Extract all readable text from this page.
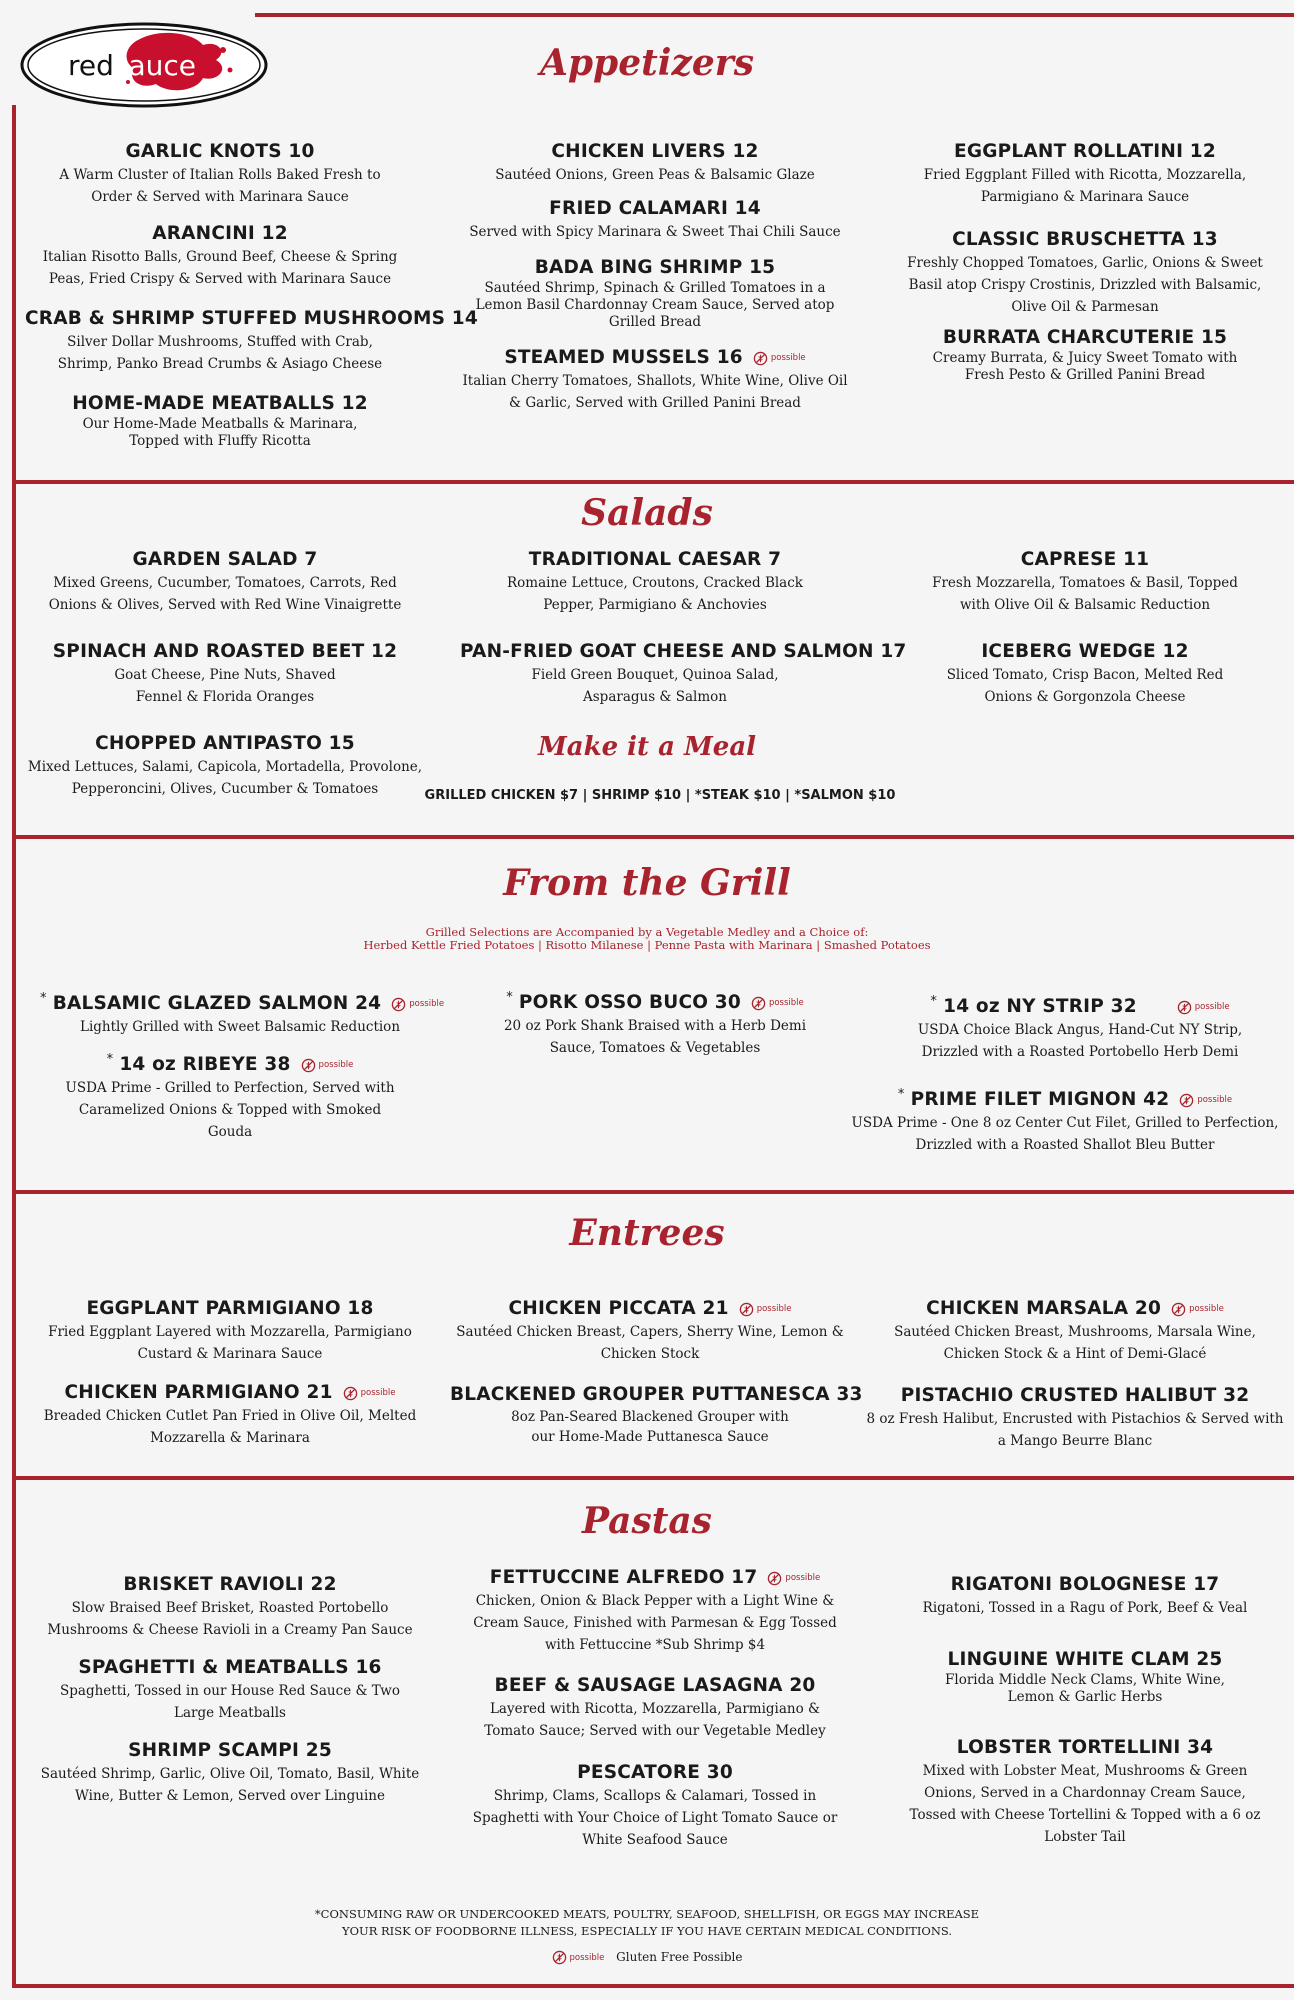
redsauce	Appetizers
GARLIC KNOTS 10
A Warm Cluster of Italian Rolls Baked Fresh to Order & Served with Marinara Sauce
ARANCINI 12
Italian Risotto Balls, Ground Beef, Cheese & Spring Peas, Fried Crispy & Served with Marinara Sauce
CRAB & SHRIMP STUFFED MUSHROOMS 14
Silver Dollar Mushrooms, Stuffed with Crab, Shrimp, Panko Bread Crumbs & Asiago Cheese
HOME-MADE MEATBALLS 12
Our Home-Made Meatballs & Marinara, Topped with Fluffy Ricotta
CHICKEN LIVERS 12
Sautéed Onions, Green Peas & Balsamic Glaze
FRIED CALAMARI 14
Served with Spicy Marinara & Sweet Thai Chili Sauce
BADA BING SHRIMP 15
Sautéed Shrimp, Spinach & Grilled Tomatoes in a Lemon Basil Chardonnay Cream Sauce, Served atop Grilled Bread
STEAMED MUSSELS 16	possible
Italian Cherry Tomatoes, Shallots, White Wine, Olive Oil & Garlic, Served with Grilled Panini Bread
EGGPLANT ROLLATINI 12
Fried Eggplant Filled with Ricotta, Mozzarella, Parmigiano & Marinara Sauce
CLASSIC BRUSCHETTA 13
Freshly Chopped Tomatoes, Garlic, Onions & Sweet Basil atop Crispy Crostinis, Drizzled with Balsamic, Olive Oil & Parmesan
BURRATA CHARCUTERIE 15
Creamy Burrata, & Juicy Sweet Tomato with Fresh Pesto & Grilled Panini Bread
Salads
GARDEN SALAD 7
Mixed Greens, Cucumber, Tomatoes, Carrots, Red Onions & Olives, Served with Red Wine Vinaigrette
SPINACH AND ROASTED BEET 12
Goat Cheese, Pine Nuts, Shaved Fennel & Florida Oranges
CHOPPED ANTIPASTO 15
Mixed Lettuces, Salami, Capicola, Mortadella, Provolone, Pepperoncini, Olives, Cucumber & Tomatoes
TRADITIONAL CAESAR 7
Romaine Lettuce, Croutons, Cracked Black Pepper, Parmigiano & Anchovies
PAN-FRIED GOAT CHEESE AND SALMON 17
Field Green Bouquet, Quinoa Salad, Asparagus & Salmon
Make it a Meal
GRILLED CHICKEN $7 | SHRIMP $10 | *STEAK $10 | *SALMON $10
CAPRESE 11
Fresh Mozzarella, Tomatoes & Basil, Topped with Olive Oil & Balsamic Reduction
ICEBERG WEDGE 12
Sliced Tomato, Crisp Bacon, Melted Red Onions & Gorgonzola Cheese
From the Grill
Grilled Selections are Accompanied by a Vegetable Medley and a Choice of:
Herbed Kettle Fried Potatoes | Risotto Milanese | Penne Pasta with Marinara | Smashed Potatoes
* BALSAMIC GLAZED SALMON 24	possible
Lightly Grilled with Sweet Balsamic Reduction
* 14 oz RIBEYE 38	possible
USDA Prime - Grilled to Perfection, Served with Caramelized Onions & Topped with Smoked Gouda
* PORK OSSO BUCO 30	possible
20 oz Pork Shank Braised with a Herb Demi Sauce, Tomatoes & Vegetables
* 14 oz NY STRIP 32	possible
USDA Choice Black Angus, Hand-Cut NY Strip, Drizzled with a Roasted Portobello Herb Demi
* PRIME FILET MIGNON 42	possible
USDA Prime - One 8 oz Center Cut Filet, Grilled to Perfection, Drizzled with a Roasted Shallot Bleu Butter
Entrees
EGGPLANT PARMIGIANO 18
Fried Eggplant Layered with Mozzarella, Parmigiano Custard & Marinara Sauce
CHICKEN PARMIGIANO 21	possible
Breaded Chicken Cutlet Pan Fried in Olive Oil, Melted Mozzarella & Marinara
CHICKEN PICCATA 21	possible
Sautéed Chicken Breast, Capers, Sherry Wine, Lemon & Chicken Stock
BLACKENED GROUPER PUTTANESCA 33
8oz Pan-Seared Blackened Grouper with our Home-Made Puttanesca Sauce
CHICKEN MARSALA 20	possible
Sautéed Chicken Breast, Mushrooms, Marsala Wine, Chicken Stock & a Hint of Demi-Glacé
PISTACHIO CRUSTED HALIBUT 32
8 oz Fresh Halibut, Encrusted with Pistachios & Served with a Mango Beurre Blanc
Pastas
BRISKET RAVIOLI 22
Slow Braised Beef Brisket, Roasted Portobello Mushrooms & Cheese Ravioli in a Creamy Pan Sauce
SPAGHETTI & MEATBALLS 16
Spaghetti, Tossed in our House Red Sauce & Two Large Meatballs
SHRIMP SCAMPI 25
Sautéed Shrimp, Garlic, Olive Oil, Tomato, Basil, White Wine, Butter & Lemon, Served over Linguine
FETTUCCINE ALFREDO 17	possible
Chicken, Onion & Black Pepper with a Light Wine & Cream Sauce, Finished with Parmesan & Egg Tossed with Fettuccine *Sub Shrimp $4
BEEF & SAUSAGE LASAGNA 20
Layered with Ricotta, Mozzarella, Parmigiano & Tomato Sauce; Served with our Vegetable Medley
PESCATORE 30
Shrimp, Clams, Scallops & Calamari, Tossed in Spaghetti with Your Choice of Light Tomato Sauce or White Seafood Sauce
RIGATONI BOLOGNESE 17
Rigatoni, Tossed in a Ragu of Pork, Beef & Veal
LINGUINE WHITE CLAM 25
Florida Middle Neck Clams, White Wine, Lemon & Garlic Herbs
LOBSTER TORTELLINI 34
Mixed with Lobster Meat, Mushrooms & Green Onions, Served in a Chardonnay Cream Sauce, Tossed with Cheese Tortellini & Topped with a 6 oz Lobster Tail
*CONSUMING RAW OR UNDERCOOKED MEATS, POULTRY, SEAFOOD, SHELLFISH, OR EGGS MAY INCREASE
YOUR RISK OF FOODBORNE ILLNESS, ESPECIALLY IF YOU HAVE CERTAIN MEDICAL CONDITIONS.
possible Gluten Free Possible
